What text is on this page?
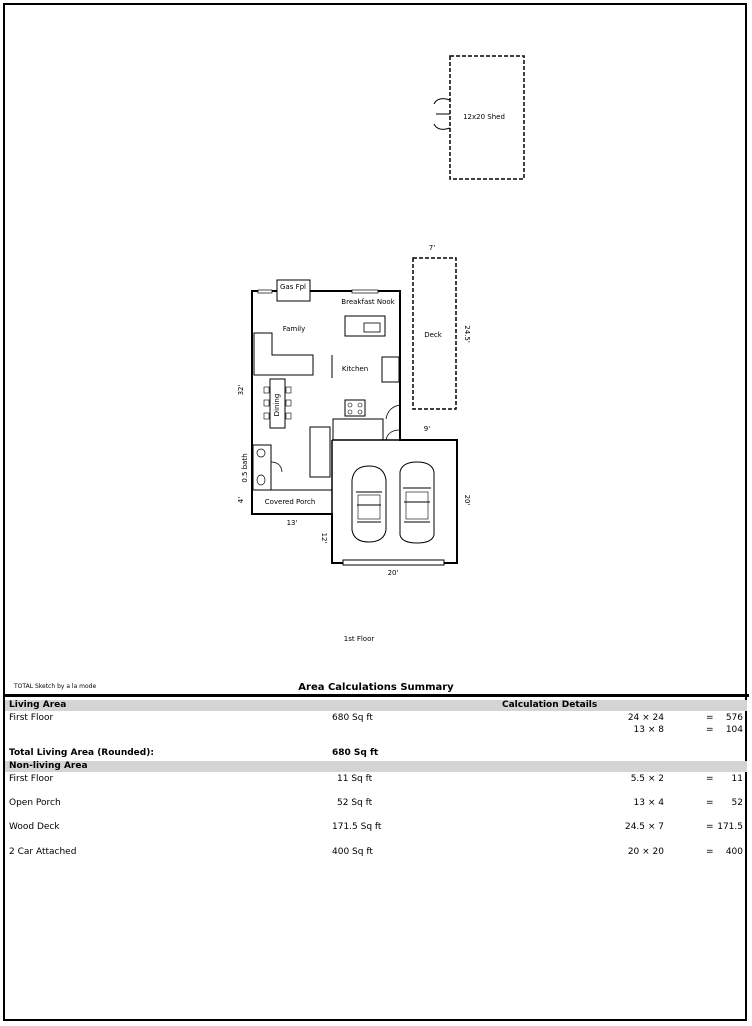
12x20 Shed
Deck
7'
24.5'
Gas Fpl
Breakfast Nook
Family
Kitchen
Dining
0.5 bath
Covered Porch
32'
4'
13'
9'
20'
20'
12'
1st Floor
TOTAL Sketch by a la mode	Area Calculations Summary
Living Area	Calculation Details
First Floor	680 Sq ft	24 × 24	= 576
13 × 8	= 104
Total Living Area (Rounded):	680 Sq ft
Non-living Area
First Floor	11 Sq ft	5.5 × 2	= 11
Open Porch	52 Sq ft	13 × 4	= 52
Wood Deck	171.5 Sq ft	24.5 × 7	= 171.5
2 Car Attached	400 Sq ft	20 × 20	= 400
